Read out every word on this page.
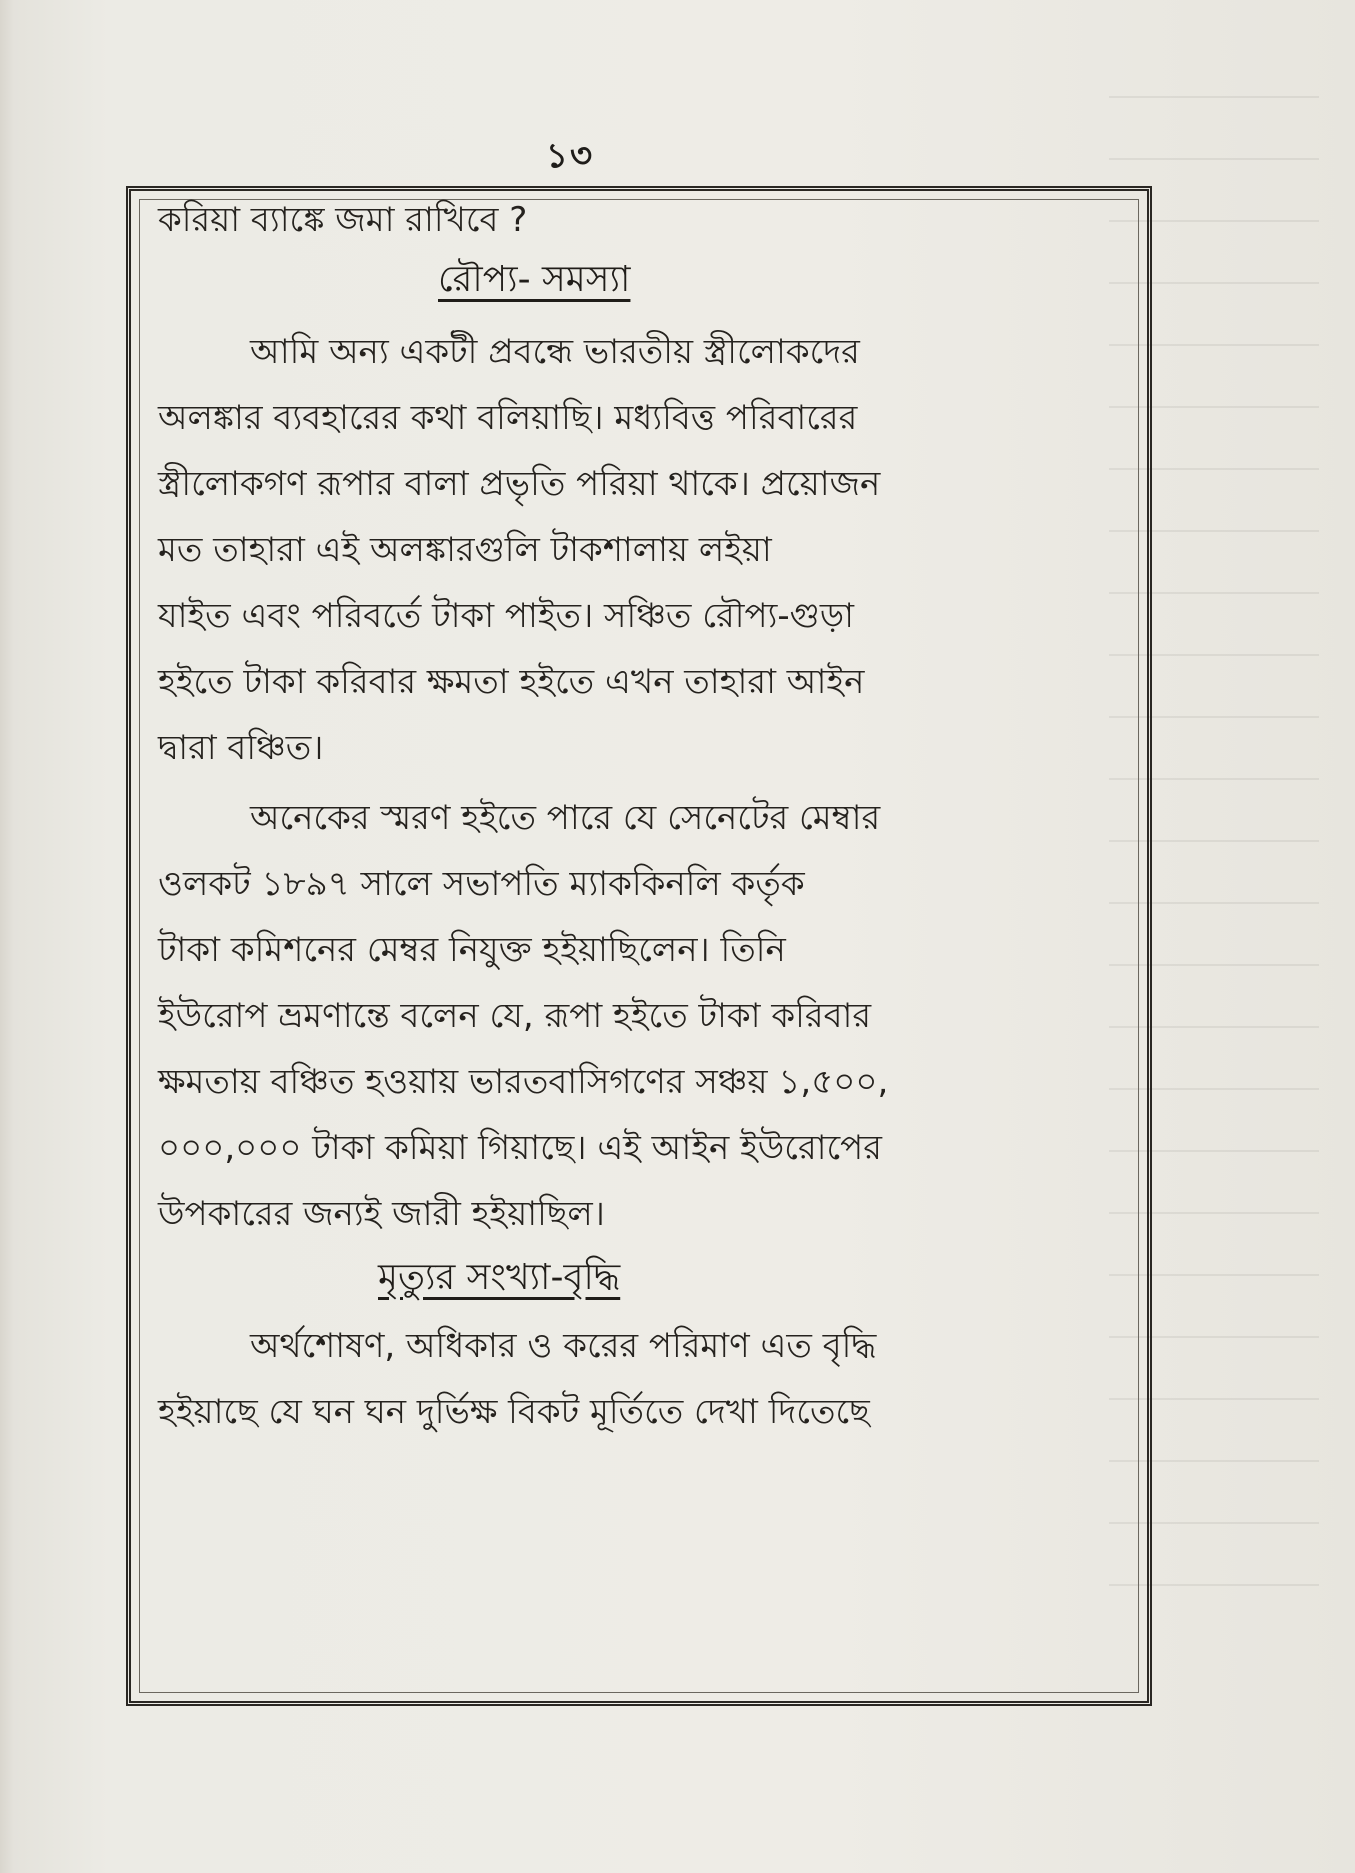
১৩
করিয়া ব্যাঙ্কে জমা রাখিবে ?
রৌপ্য- সমস্যা
আমি অন্য একটী প্রবন্ধে ভারতীয় স্ত্রীলোকদের
অলঙ্কার ব্যবহারের কথা বলিয়াছি। মধ্যবিত্ত পরিবারের
স্ত্রীলোকগণ রূপার বালা প্রভৃতি পরিয়া থাকে। প্রয়োজন
মত তাহারা এই অলঙ্কারগুলি টাকশালায় লইয়া
যাইত এবং পরিবর্তে টাকা পাইত। সঞ্চিত রৌপ্য-গুড়া
হইতে টাকা করিবার ক্ষমতা হইতে এখন তাহারা আইন
দ্বারা বঞ্চিত।
অনেকের স্মরণ হইতে পারে যে সেনেটের মেম্বার
ওলকট ১৮৯৭ সালে সভাপতি ম্যাককিনলি কর্তৃক
টাকা কমিশনের মেম্বর নিযুক্ত হইয়াছিলেন। তিনি
ইউরোপ ভ্রমণান্তে বলেন যে, রূপা হইতে টাকা করিবার
ক্ষমতায় বঞ্চিত হওয়ায় ভারতবাসিগণের সঞ্চয় ১,৫০০,
০০০,০০০ টাকা কমিয়া গিয়াছে। এই আইন ইউরোপের
উপকারের জন্যই জারী হইয়াছিল।
মৃত্যুর সংখ্যা-বৃদ্ধি
অর্থশোষণ, অধিকার ও করের পরিমাণ এত বৃদ্ধি
হইয়াছে যে ঘন ঘন দুর্ভিক্ষ বিকট মূর্তিতে দেখা দিতেছে
